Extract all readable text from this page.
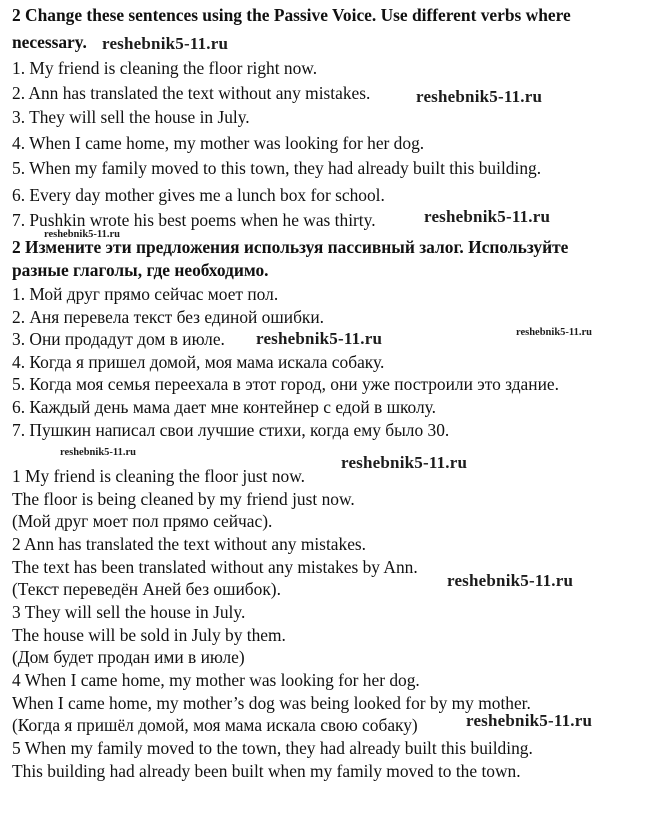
2 Change these sentences using the Passive Voice. Use different verbs where

necessary.

1. My friend is cleaning the floor right now.

2. Ann has translated the text without any mistakes.

3. They will sell the house in July.

4. When I came home, my mother was looking for her dog.

5. When my family moved to this town, they had already built this building.

6. Every day mother gives me a lunch box for school.

7. Pushkin wrote his best poems when he was thirty.

2 Измените эти предложения используя пассивный залог. Используйте

разные глаголы, где необходимо.

1. Мой друг прямо сейчас моет пол.

2. Аня перевела текст без единой ошибки.

3. Они продадут дом в июле.

4. Когда я пришел домой, моя мама искала собаку.

5. Когда моя семья переехала в этот город, они уже построили это здание.

6. Каждый день мама дает мне контейнер с едой в школу.

7. Пушкин написал свои лучшие стихи, когда ему было 30.

1 My friend is cleaning the floor just now.

The floor is being cleaned by my friend just now.

(Мой друг моет пол прямо сейчас).

2 Ann has translated the text without any mistakes.

The text has been translated without any mistakes by Ann.

(Текст переведён Аней без ошибок).

3 They will sell the house in July.

The house will be sold in July by them.

(Дом будет продан ими в июле)

4 When I came home, my mother was looking for her dog.

When I came home, my mother’s dog was being looked for by my mother.

(Когда я пришёл домой, моя мама искала свою собаку)

5 When my family moved to the town, they had already built this building.

This building had already been built when my family moved to the town.

reshebnik5-11.ru

reshebnik5-11.ru

reshebnik5-11.ru

reshebnik5-11.ru

reshebnik5-11.ru	reshebnik5-11.ru

reshebnik5-11.ru

reshebnik5-11.ru

reshebnik5-11.ru

reshebnik5-11.ru
